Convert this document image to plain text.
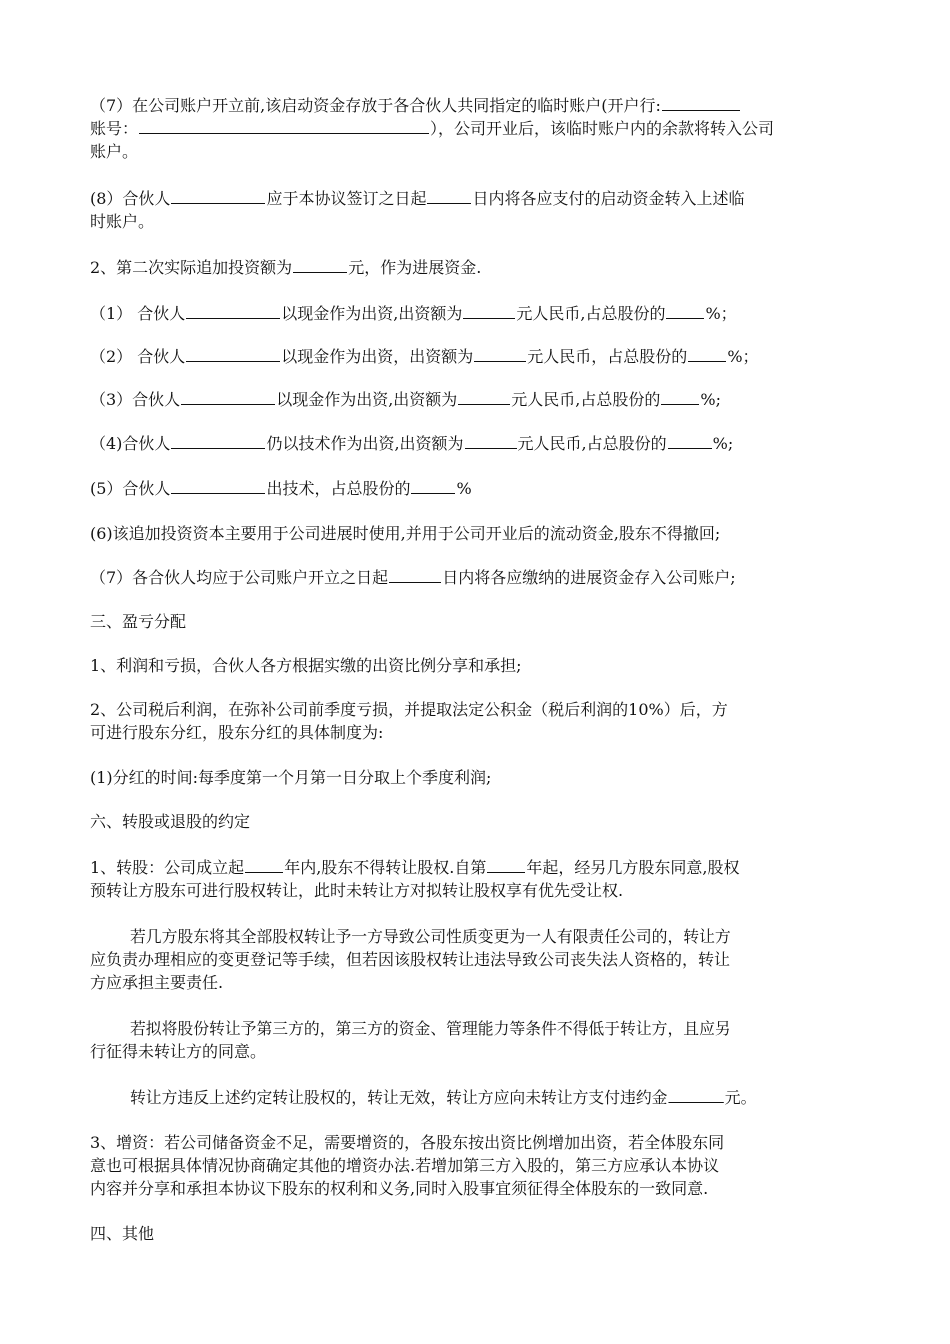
（7）在公司账户开立前,该启动资金存放于各合伙人共同指定的临时账户(开户行:
账号：	），公司开业后，该临时账户内的余款将转入公司
账户。
(8）合伙人	应于本协议签订之日起	日内将各应支付的启动资金转入上述临
时账户。
2、第二次实际追加投资额为	元，作为进展资金.
（1） 合伙人	以现金作为出资,出资额为	元人民币,占总股份的	%；
（2） 合伙人	以现金作为出资，出资额为	元人民币，占总股份的	%；
（3）合伙人	以现金作为出资,出资额为	元人民币,占总股份的	%;
（4)合伙人	仍以技术作为出资,出资额为	元人民币,占总股份的	%;
(5）合伙人	出技术，占总股份的	%
(6)该追加投资资本主要用于公司进展时使用,并用于公司开业后的流动资金,股东不得撤回;
（7）各合伙人均应于公司账户开立之日起	日内将各应缴纳的进展资金存入公司账户;
三、盈亏分配
1、利润和亏损，合伙人各方根据实缴的出资比例分享和承担;
2、公司税后利润，在弥补公司前季度亏损，并提取法定公积金（税后利润的10%）后，方
可进行股东分红，股东分红的具体制度为:
(1)分红的时间:每季度第一个月第一日分取上个季度利润;
六、转股或退股的约定
1、转股：公司成立起	年内,股东不得转让股权.自第	年起，经另几方股东同意,股权
预转让方股东可进行股权转让，此时未转让方对拟转让股权享有优先受让权.
若几方股东将其全部股权转让予一方导致公司性质变更为一人有限责任公司的，转让方
应负责办理相应的变更登记等手续，但若因该股权转让违法导致公司丧失法人资格的，转让
方应承担主要责任.
若拟将股份转让予第三方的，第三方的资金、管理能力等条件不得低于转让方，且应另
行征得未转让方的同意。
转让方违反上述约定转让股权的，转让无效，转让方应向未转让方支付违约金	元。
3、增资：若公司储备资金不足，需要增资的，各股东按出资比例增加出资，若全体股东同
意也可根据具体情况协商确定其他的增资办法.若增加第三方入股的，第三方应承认本协议
内容并分享和承担本协议下股东的权利和义务,同时入股事宜须征得全体股东的一致同意.
四、其他
